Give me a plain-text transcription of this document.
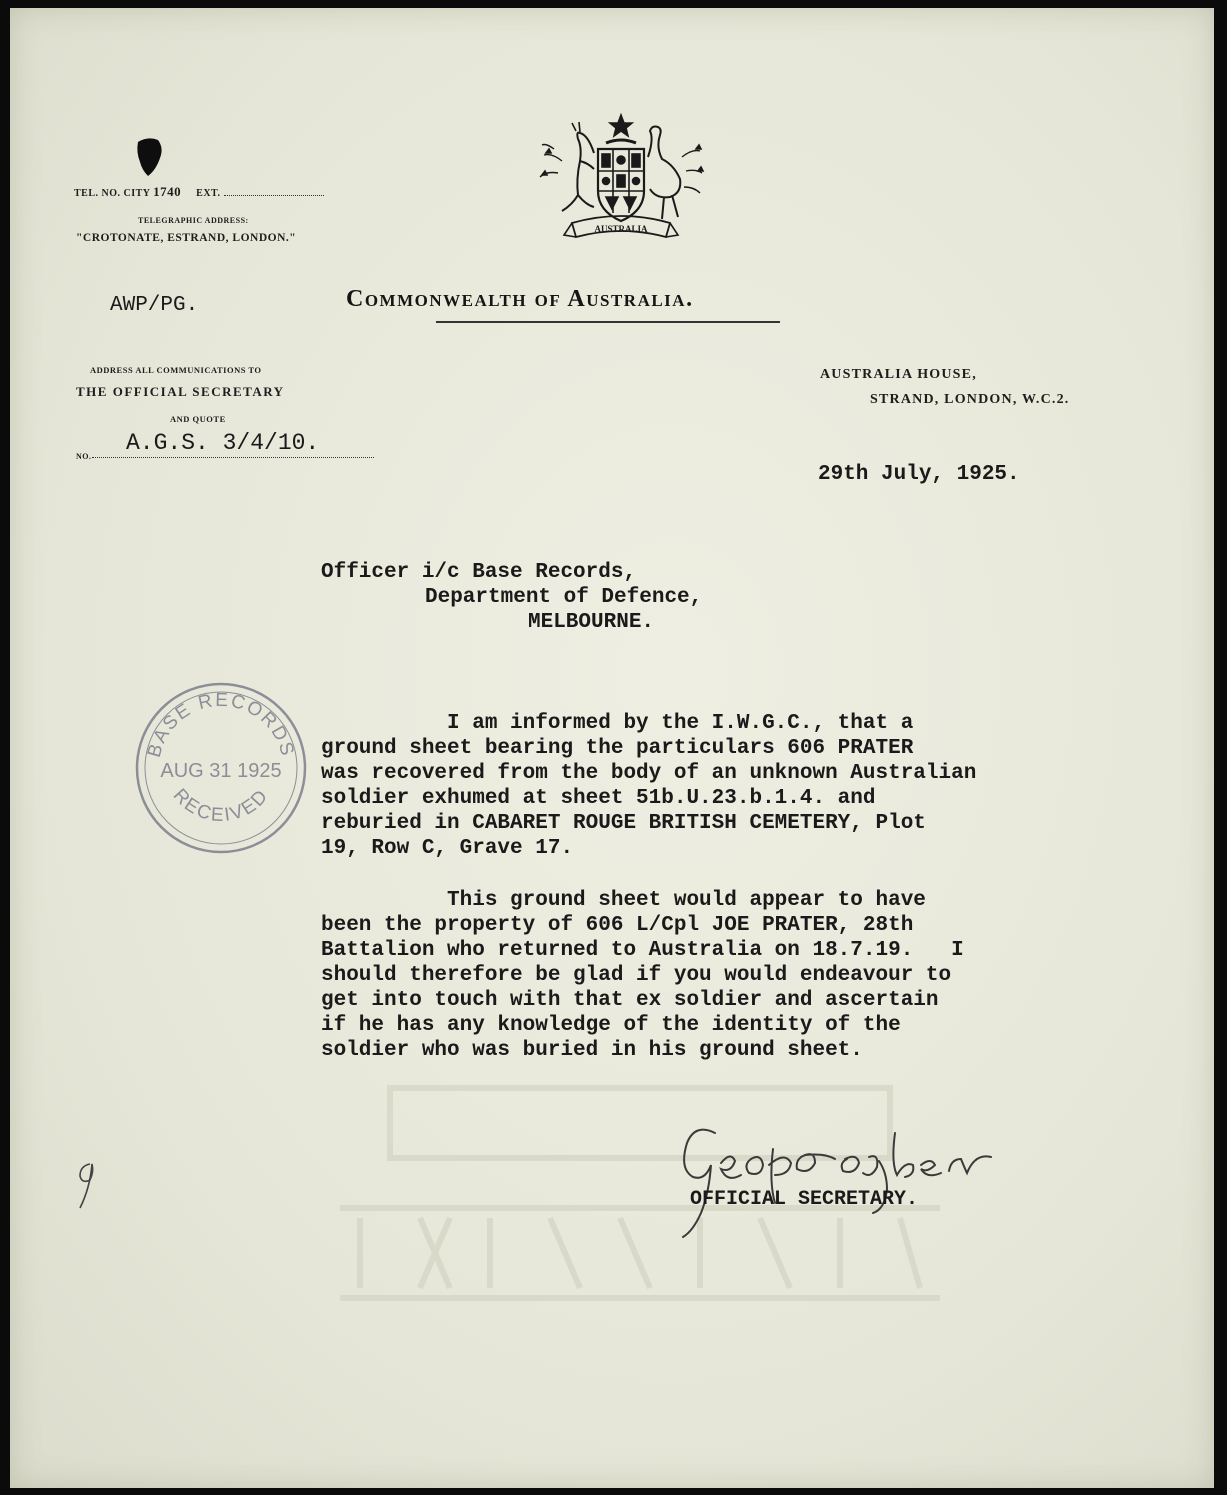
TEL. NO. CITY 1740 EXT.
TELEGRAPHIC ADDRESS:
"CROTONATE, ESTRAND, LONDON."
AUSTRALIA
AWP/PG.	Commonwealth of Australia.
ADDRESS ALL COMMUNICATIONS TO
THE OFFICIAL SECRETARY
AND QUOTE
NO.
A.G.S. 3/4/10.
AUSTRALIA HOUSE,
STRAND, LONDON, W.C.2.
29th July, 1925.
Officer i/c Base Records,
Department of Defence,
MELBOURNE.
BASE RECORDS
AUG 31 1925
RECEIVED
I am informed by the I.W.G.C., that a
ground sheet bearing the particulars 606 PRATER
was recovered from the body of an unknown Australian
soldier exhumed at sheet 51b.U.23.b.1.4. and
reburied in CABARET ROUGE BRITISH CEMETERY, Plot
19, Row C, Grave 17.
This ground sheet would appear to have
been the property of 606 L/Cpl JOE PRATER, 28th
Battalion who returned to Australia on 18.7.19.   I
should therefore be glad if you would endeavour to
get into touch with that ex soldier and ascertain
if he has any knowledge of the identity of the
soldier who was buried in his ground sheet.
OFFICIAL SECRETARY.
